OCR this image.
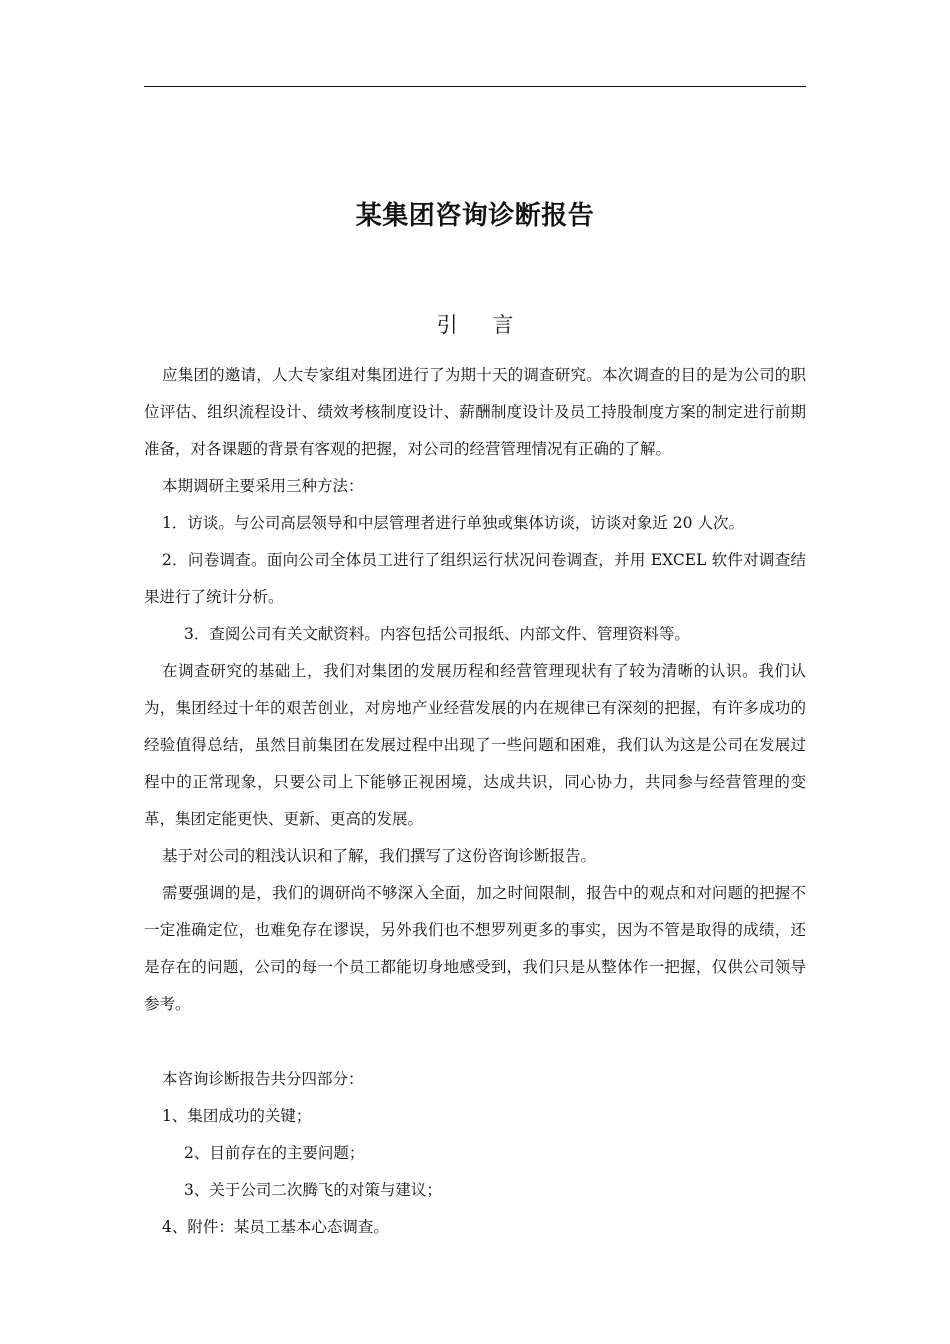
某集团咨询诊断报告
引 言

应集团的邀请，人大专家组对集团进行了为期十天的调查研究。本次调查的目的是为公司的职位评估、组织流程设计、绩效考核制度设计、薪酬制度设计及员工持股制度方案的制定进行前期准备，对各课题的背景有客观的把握，对公司的经营管理情况有正确的了解。

本期调研主要采用三种方法：

1．访谈。与公司高层领导和中层管理者进行单独或集体访谈，访谈对象近 20 人次。

2．问卷调查。面向公司全体员工进行了组织运行状况问卷调查，并用 EXCEL 软件对调查结果进行了统计分析。

3．查阅公司有关文献资料。内容包括公司报纸、内部文件、管理资料等。

在调查研究的基础上，我们对集团的发展历程和经营管理现状有了较为清晰的认识。我们认为，集团经过十年的艰苦创业，对房地产业经营发展的内在规律已有深刻的把握，有许多成功的经验值得总结，虽然目前集团在发展过程中出现了一些问题和困难，我们认为这是公司在发展过程中的正常现象，只要公司上下能够正视困境，达成共识，同心协力，共同参与经营管理的变革，集团定能更快、更新、更高的发展。

基于对公司的粗浅认识和了解，我们撰写了这份咨询诊断报告。

需要强调的是，我们的调研尚不够深入全面，加之时间限制，报告中的观点和对问题的把握不一定准确定位，也难免存在谬误，另外我们也不想罗列更多的事实，因为不管是取得的成绩，还是存在的问题，公司的每一个员工都能切身地感受到，我们只是从整体作一把握，仅供公司领导参考。

本咨询诊断报告共分四部分：

1、集团成功的关键；

2、目前存在的主要问题；

3、关于公司二次腾飞的对策与建议；

4、附件：某员工基本心态调查。
